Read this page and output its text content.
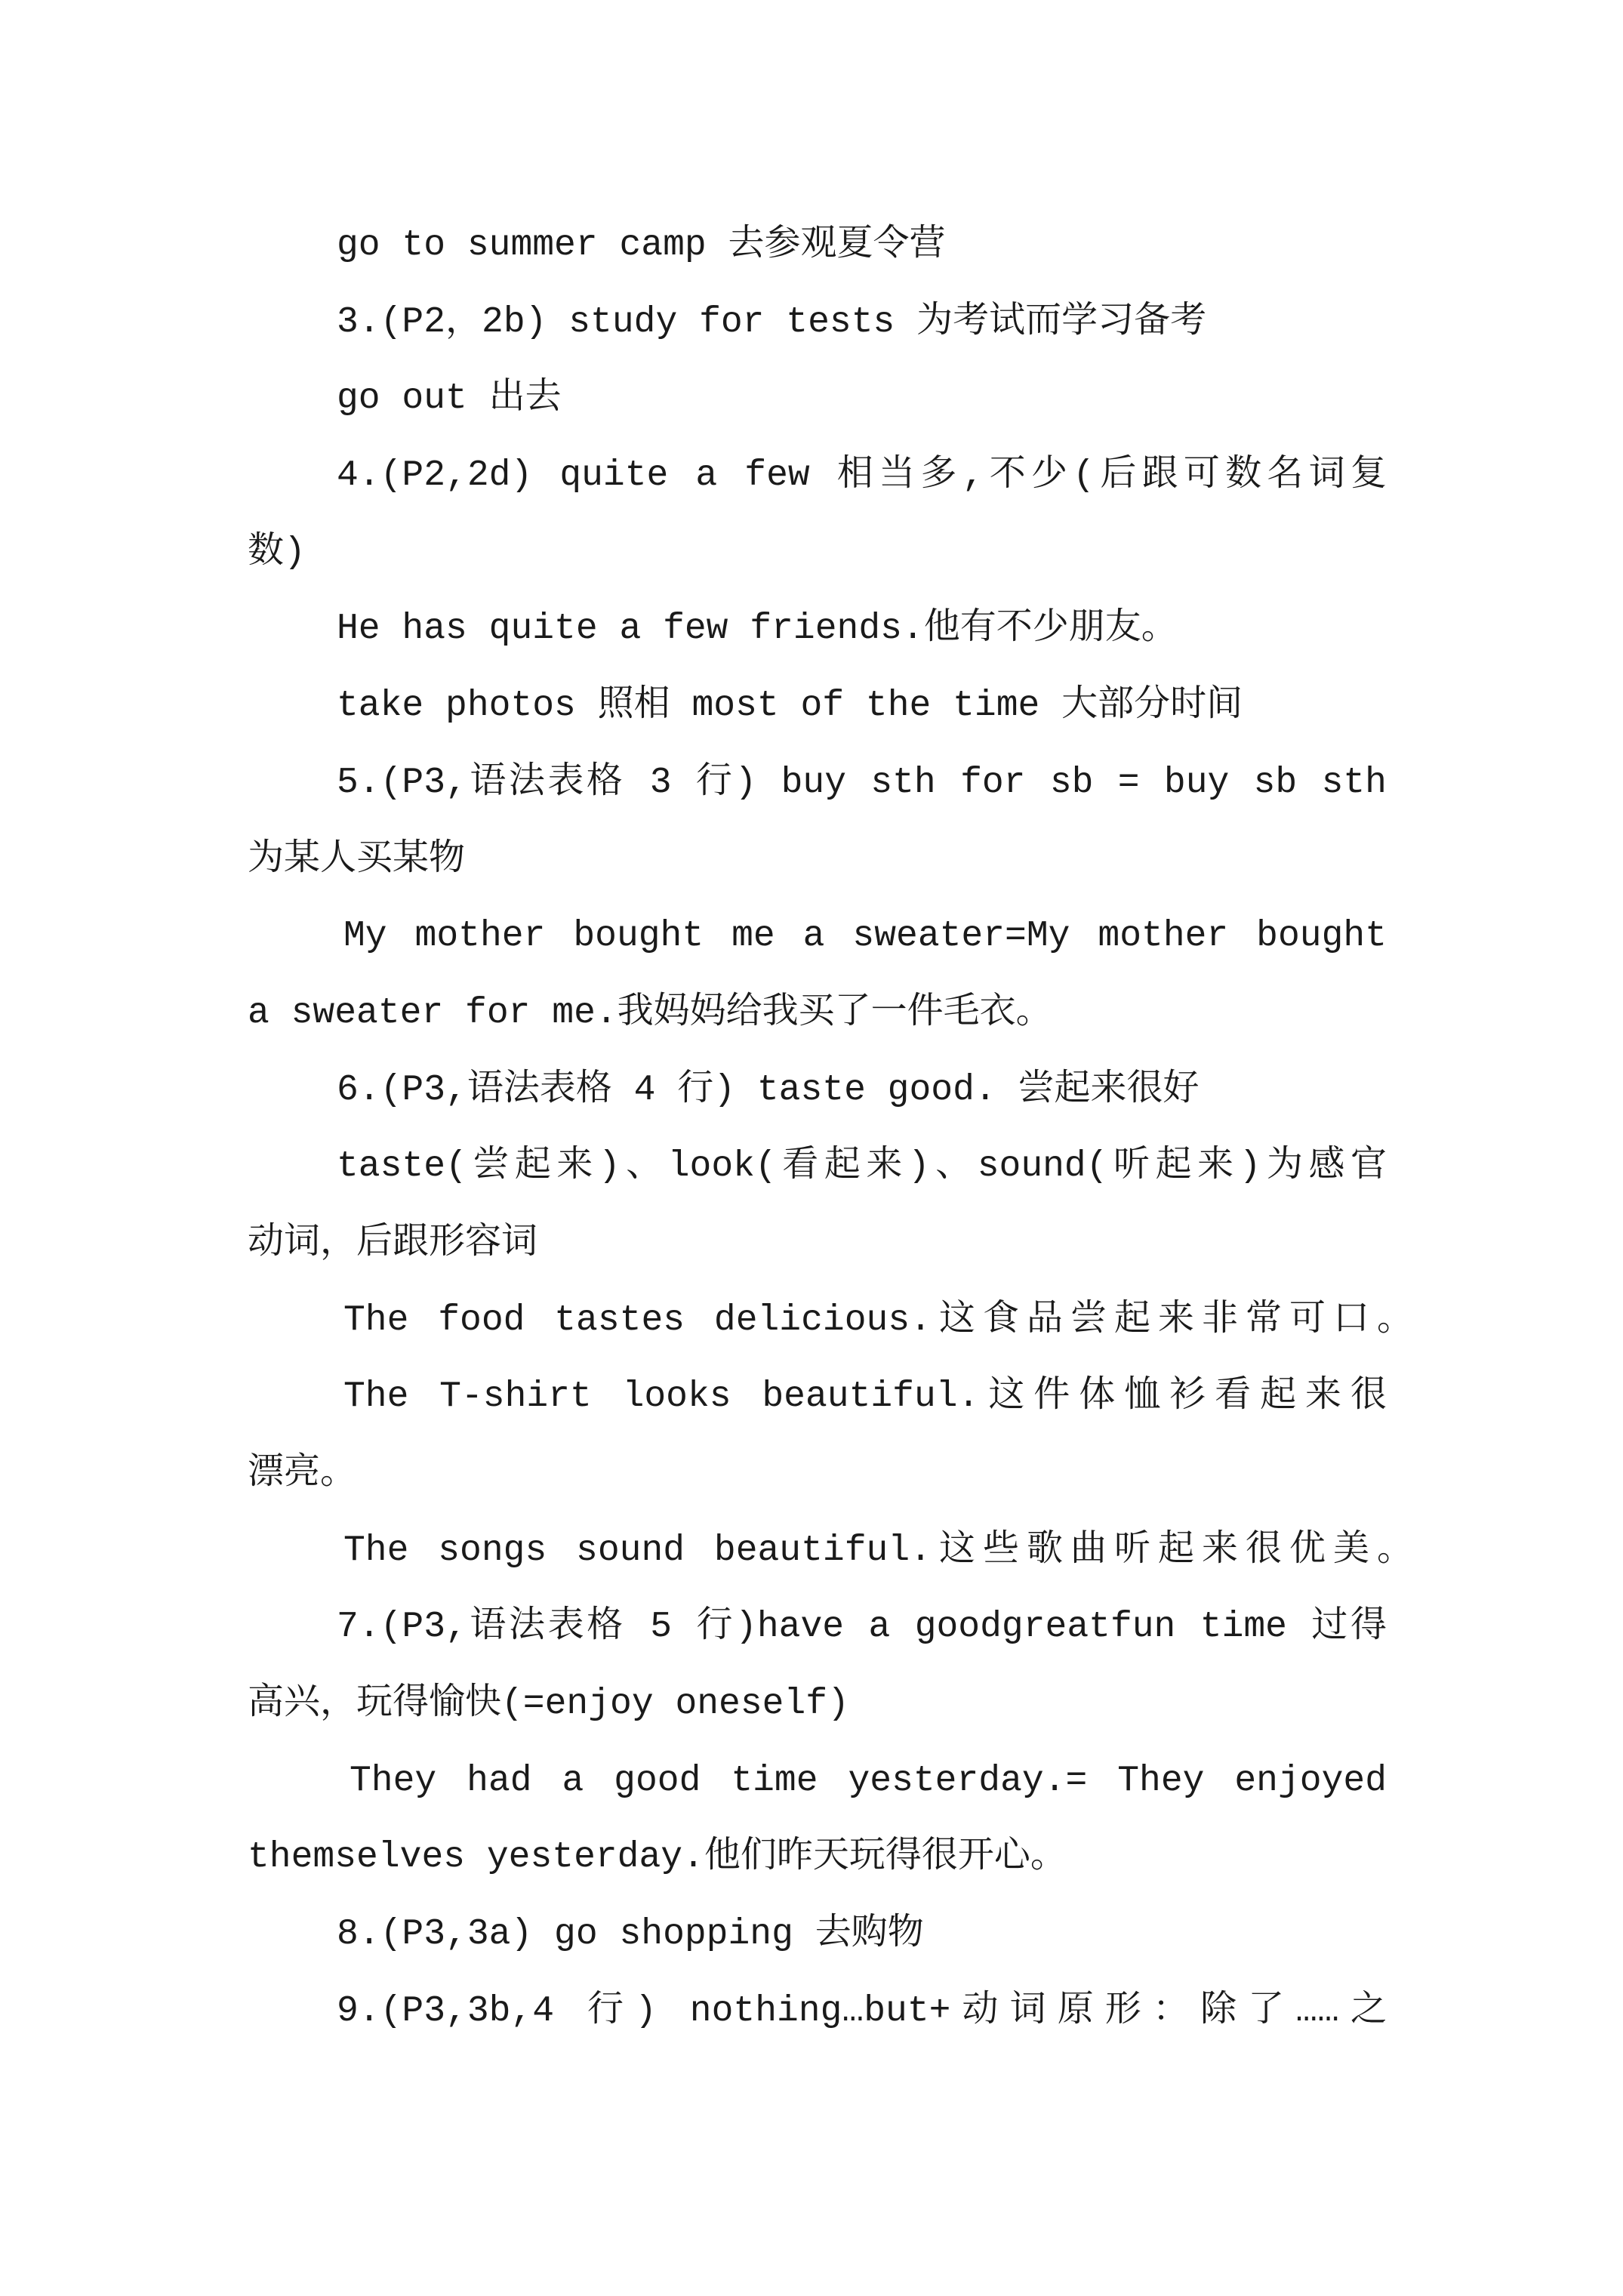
go to summer camp 去参观夏令营
3.(P2，2b) study for tests 为考试而学习备考
go out 出去
4.(P2,2d) quite a few 相当多,不少(后跟可数名词复
数)
He has quite a few friends.他有不少朋友。
take photos 照相 most of the time 大部分时间
5.(P3,语法表格 3 行) buy sth for sb = buy sb sth
为某人买某物
My mother bought me a sweater=My mother bought
a sweater for me.我妈妈给我买了一件毛衣。
6.(P3,语法表格 4 行) taste good. 尝起来很好
taste(尝起来)、look(看起来)、sound(听起来)为感官
动词，后跟形容词
The food tastes delicious.这食品尝起来非常可口。
The T-shirt looks beautiful.这件体恤衫看起来很
漂亮。
The songs sound beautiful.这些歌曲听起来很优美。
7.(P3,语法表格 5 行)have a goodgreatfun time 过得
高兴，玩得愉快(=enjoy oneself)
They had a good time yesterday.= They enjoyed
themselves yesterday.他们昨天玩得很开心。
8.(P3,3a) go shopping 去购物
9.(P3,3b,4 行) nothing…but+动词原形：除了……之
